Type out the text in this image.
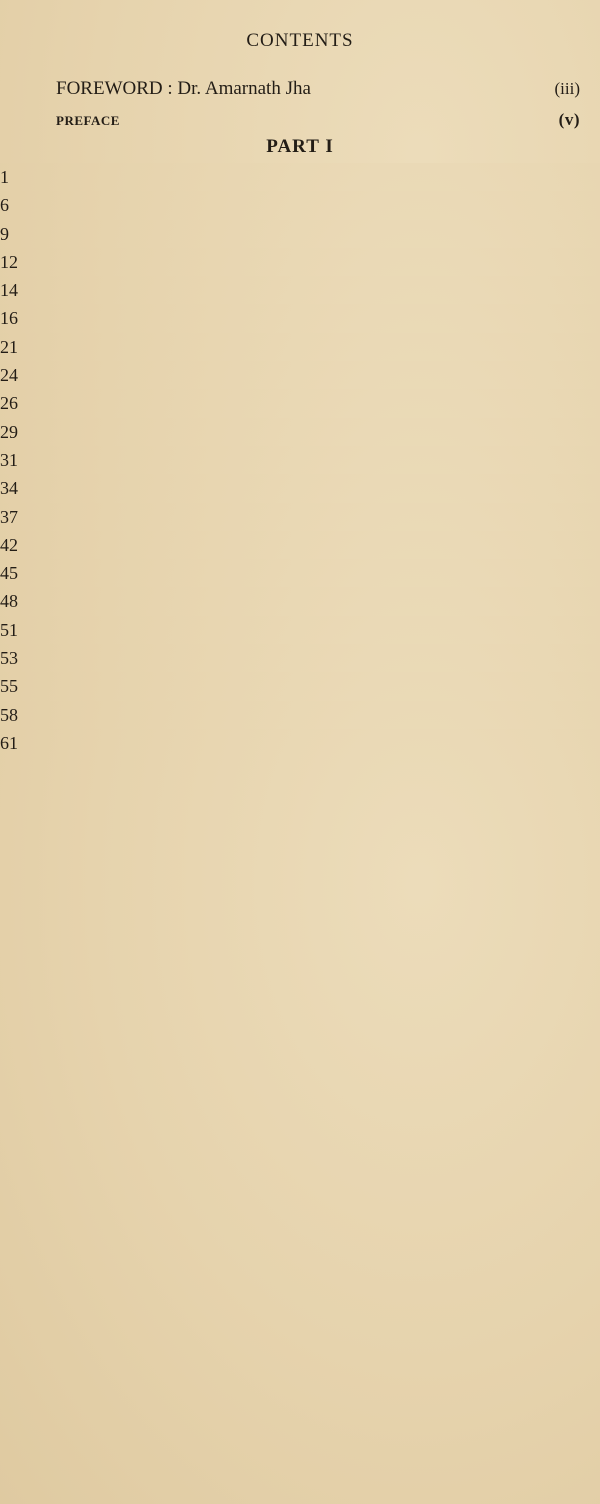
CONTENTS
FOREWORD : Dr. Amarnath Jha	(iii)
PREFACE	(v)
PART I
1
6
9
12
14
16
21
24
26
29
31
34
37
42
45
48
51
53
55
58
61
